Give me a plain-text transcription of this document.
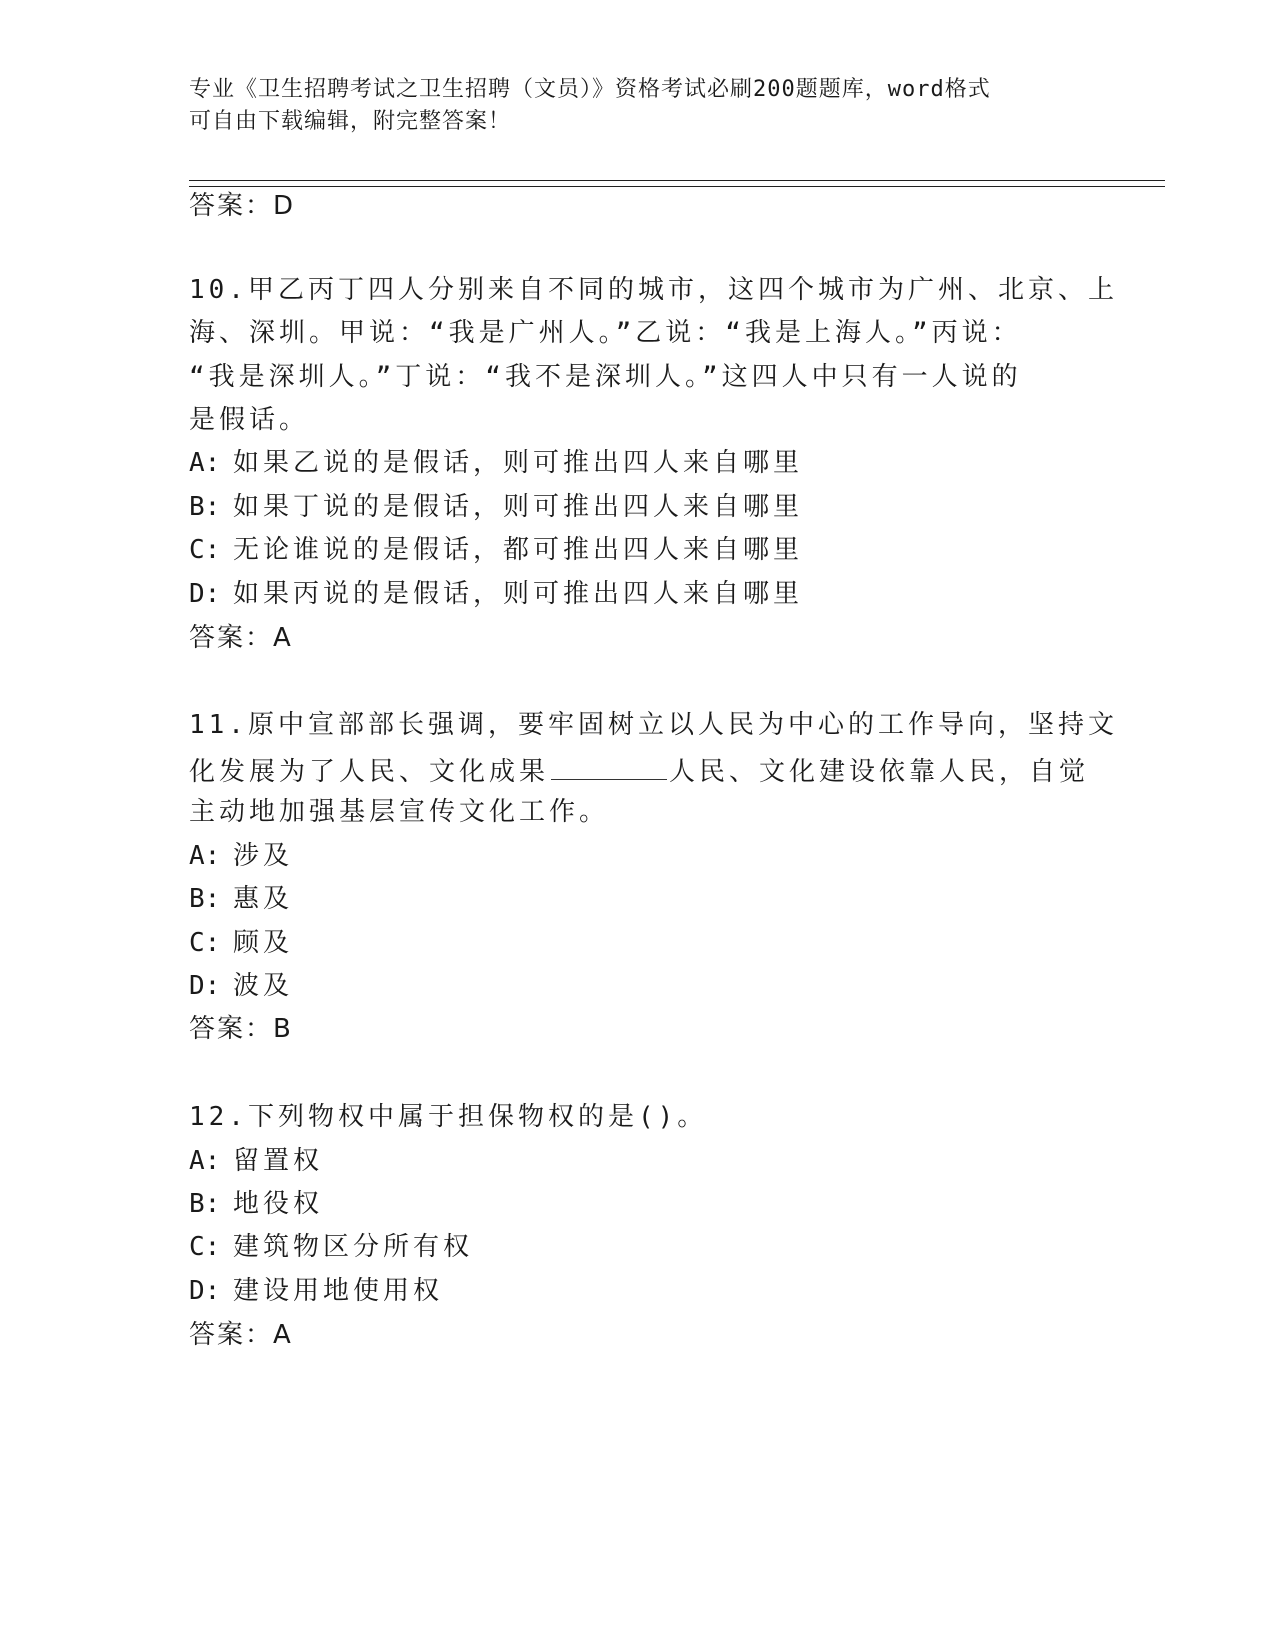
专业《卫生招聘考试之卫生招聘（文员）》资格考试必刷200题题库，word格式
可自由下载编辑，附完整答案！
答案：D
10.甲乙丙丁四人分别来自不同的城市，这四个城市为广州、北京、上
海、深圳。甲说：“我是广州人。”乙说：“我是上海人。”丙说：
“我是深圳人。”丁说：“我不是深圳人。”这四人中只有一人说的
是假话。
A: 如果乙说的是假话，则可推出四人来自哪里
B: 如果丁说的是假话，则可推出四人来自哪里
C: 无论谁说的是假话，都可推出四人来自哪里
D: 如果丙说的是假话，则可推出四人来自哪里
答案：A
11.原中宣部部长强调，要牢固树立以人民为中心的工作导向，坚持文
化发展为了人民、文化成果	人民、文化建设依靠人民，自觉
主动地加强基层宣传文化工作。
A: 涉及
B: 惠及
C: 顾及
D: 波及
答案：B
12.下列物权中属于担保物权的是()。
A: 留置权
B: 地役权
C: 建筑物区分所有权
D: 建设用地使用权
答案：A
